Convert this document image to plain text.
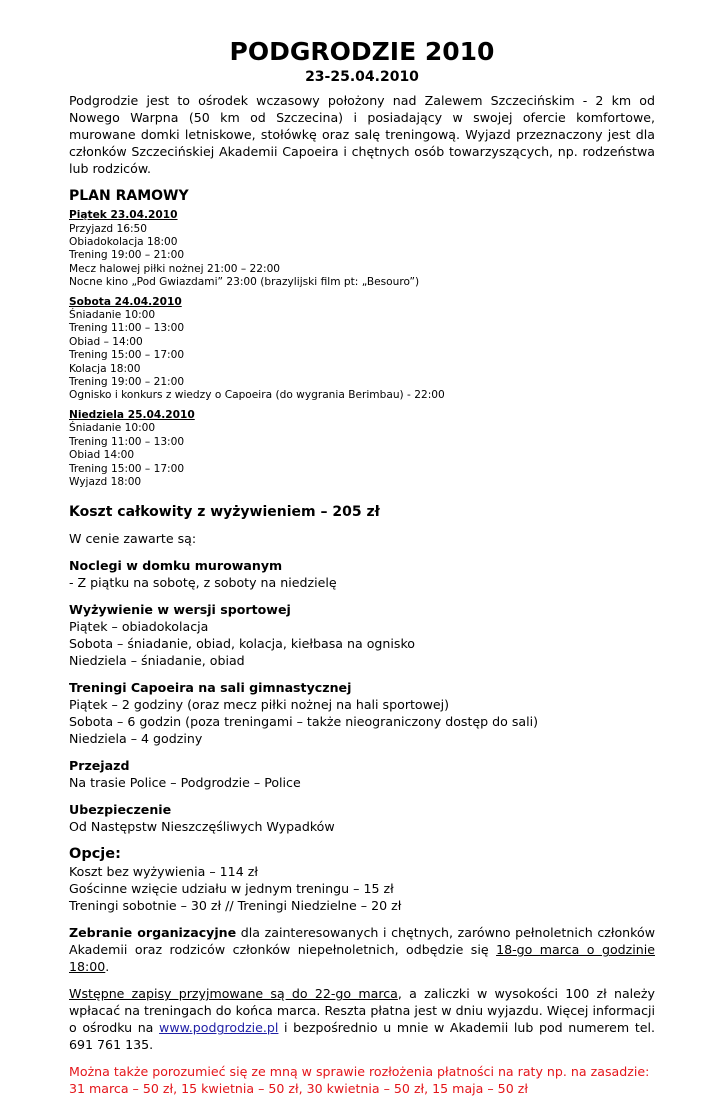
PODGRODZIE 2010
23-25.04.2010

Podgrodzie jest to ośrodek wczasowy położony nad Zalewem Szczecińskim - 2 km od Nowego Warpna (50 km od Szczecina) i posiadający w swojej ofercie komfortowe, murowane domki letniskowe, stołówkę oraz salę treningową. Wyjazd przeznaczony jest dla członków Szczecińskiej Akademii Capoeira i chętnych osób towarzyszących, np. rodzeństwa lub rodziców.

PLAN RAMOWY
Piątek 23.04.2010
Przyjazd 16:50
Obiadokolacja 18:00
Trening 19:00 – 21:00
Mecz halowej piłki nożnej 21:00 – 22:00
Nocne kino „Pod Gwiazdami” 23:00 (brazylijski film pt: „Besouro”)
Sobota 24.04.2010
Śniadanie 10:00
Trening 11:00 – 13:00
Obiad – 14:00
Trening 15:00 – 17:00
Kolacja 18:00
Trening 19:00 – 21:00
Ognisko i konkurs z wiedzy o Capoeira (do wygrania Berimbau) - 22:00
Niedziela 25.04.2010
Śniadanie 10:00
Trening 11:00 – 13:00
Obiad 14:00
Trening 15:00 – 17:00
Wyjazd 18:00
Koszt całkowity z wyżywieniem – 205 zł

W cenie zawarte są:

Noclegi w domku murowanym
- Z piątku na sobotę, z soboty na niedzielę
Wyżywienie w wersji sportowej
Piątek – obiadokolacja
Sobota – śniadanie, obiad, kolacja, kiełbasa na ognisko
Niedziela – śniadanie, obiad
Treningi Capoeira na sali gimnastycznej
Piątek – 2 godziny (oraz mecz piłki nożnej na hali sportowej)
Sobota – 6 godzin (poza treningami – także nieograniczony dostęp do sali)
Niedziela – 4 godziny
Przejazd
Na trasie Police – Podgrodzie – Police
Ubezpieczenie
Od Następstw Nieszczęśliwych Wypadków
Opcje:
Koszt bez wyżywienia – 114 zł
Gościnne wzięcie udziału w jednym treningu – 15 zł
Treningi sobotnie – 30 zł // Treningi Niedzielne – 20 zł

Zebranie organizacyjne dla zainteresowanych i chętnych, zarówno pełnoletnich członków Akademii oraz rodziców członków niepełnoletnich, odbędzie się 18-go marca o godzinie 18:00.

Wstępne zapisy przyjmowane są do 22-go marca, a zaliczki w wysokości 100 zł należy wpłacać na treningach do końca marca. Reszta płatna jest w dniu wyjazdu. Więcej informacji o ośrodku na www.podgrodzie.pl i bezpośrednio u mnie w Akademii lub pod numerem tel. 691 761 135.

Można także porozumieć się ze mną w sprawie rozłożenia płatności na raty np. na zasadzie:
31 marca – 50 zł, 15 kwietnia – 50 zł, 30 kwietnia – 50 zł, 15 maja – 50 zł
